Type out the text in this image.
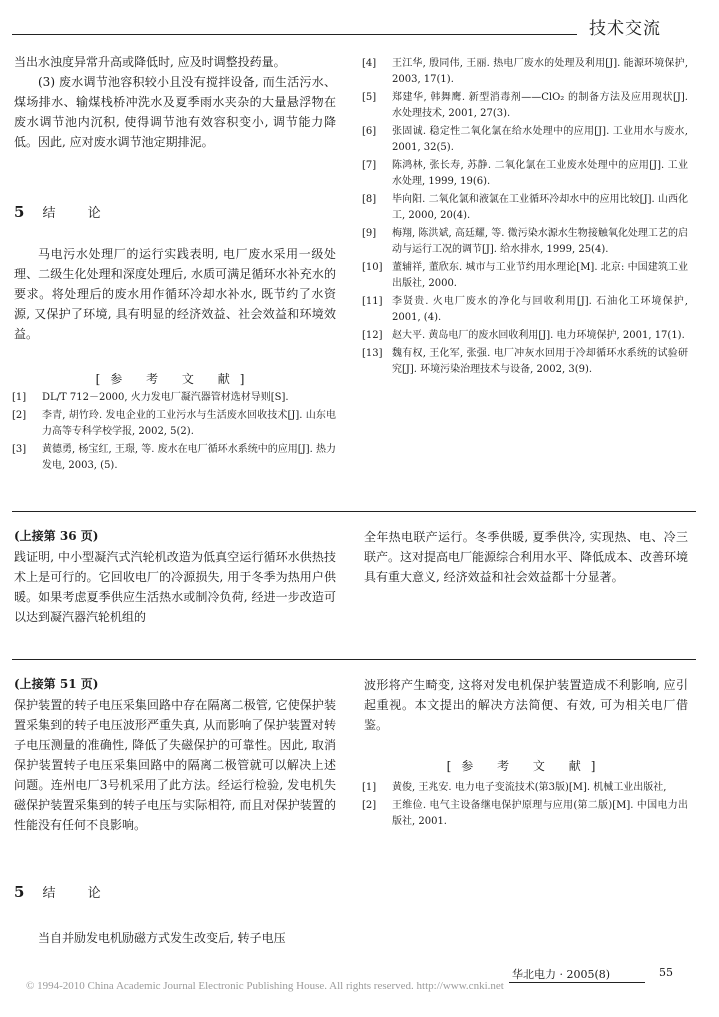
技术交流

当出水浊度异常升高或降低时, 应及时调整投药量。

(3) 废水调节池容积较小且没有搅拌设备, 而生活污水、煤场排水、输煤栈桥冲洗水及夏季雨水夹杂的大量悬浮物在废水调节池内沉积, 使得调节池有效容积变小, 调节能力降低。因此, 应对废水调节池定期排泥。

5 结 论

马电污水处理厂的运行实践表明, 电厂废水采用一级处理、二级生化处理和深度处理后, 水质可满足循环水补充水的要求。将处理后的废水用作循环冷却水补水, 既节约了水资源, 又保护了环境, 具有明显的经济效益、社会效益和环境效益。

[参 考 文 献]
[1]	DL/T 712－2000, 火力发电厂凝汽器管材选材导则[S].
[2]	李青, 胡竹玲. 发电企业的工业污水与生活废水回收技术[J]. 山东电力高等专科学校学报, 2002, 5(2).
[3]	黄德勇, 杨宝红, 王璟, 等. 废水在电厂循环水系统中的应用[J]. 热力发电, 2003, (5).
[4]	王江华, 殷同伟, 王丽. 热电厂废水的处理及利用[J]. 能源环境保护, 2003, 17(1).
[5]	郑建华, 韩舞鹰. 新型消毒剂——ClO₂ 的制备方法及应用现状[J]. 水处理技术, 2001, 27(3).
[6]	张固诚. 稳定性二氧化氯在给水处理中的应用[J]. 工业用水与废水, 2001, 32(5).
[7]	陈鸿林, 张长寿, 苏静. 二氧化氯在工业废水处理中的应用[J]. 工业水处理, 1999, 19(6).
[8]	毕向阳. 二氧化氯和液氯在工业循环冷却水中的应用比较[J]. 山西化工, 2000, 20(4).
[9]	梅翔, 陈洪斌, 高廷耀, 等. 微污染水源水生物接触氧化处理工艺的启动与运行工况的调节[J]. 给水排水, 1999, 25(4).
[10] 董辅祥, 董欣东. 城市与工业节约用水理论[M]. 北京: 中国建筑工业出版社, 2000.
[11] 李贤贵. 火电厂废水的净化与回收利用[J]. 石油化工环境保护, 2001, (4).
[12] 赵大平. 黄岛电厂的废水回收利用[J]. 电力环境保护, 2001, 17(1).
[13] 魏有权, 王化军, 张强. 电厂冲灰水回用于冷却循环水系统的试验研究[J]. 环境污染治理技术与设备, 2002, 3(9).
(上接第 36 页)

践证明, 中小型凝汽式汽轮机改造为低真空运行循环水供热技术上是可行的。它回收电厂的冷源损失, 用于冬季为热用户供暖。如果考虑夏季供应生活热水或制冷负荷, 经进一步改造可以达到凝汽器汽轮机组的

全年热电联产运行。冬季供暖, 夏季供冷, 实现热、电、冷三联产。这对提高电厂能源综合利用水平、降低成本、改善环境具有重大意义, 经济效益和社会效益都十分显著。

(上接第 51 页)

保护装置的转子电压采集回路中存在隔离二极管, 它使保护装置采集到的转子电压波形严重失真, 从而影响了保护装置对转子电压测量的准确性, 降低了失磁保护的可靠性。因此, 取消保护装置转子电压采集回路中的隔离二极管就可以解决上述问题。连州电厂3号机采用了此方法。经运行检验, 发电机失磁保护装置采集到的转子电压与实际相符, 而且对保护装置的性能没有任何不良影响。

5 结 论

当自并励发电机励磁方式发生改变后, 转子电压

波形将产生畸变, 这将对发电机保护装置造成不利影响, 应引起重视。本文提出的解决方法简便、有效, 可为相关电厂借鉴。

[参 考 文 献]
[1]	黄俊, 王兆安. 电力电子变流技术(第3版)[M]. 机械工业出版社,
[2]	王维俭. 电气主设备继电保护原理与应用(第二版)[M]. 中国电力出版社, 2001.
华北电力 · 2005(8)	55
© 1994-2010 China Academic Journal Electronic Publishing House. All rights reserved. http://www.cnki.net
